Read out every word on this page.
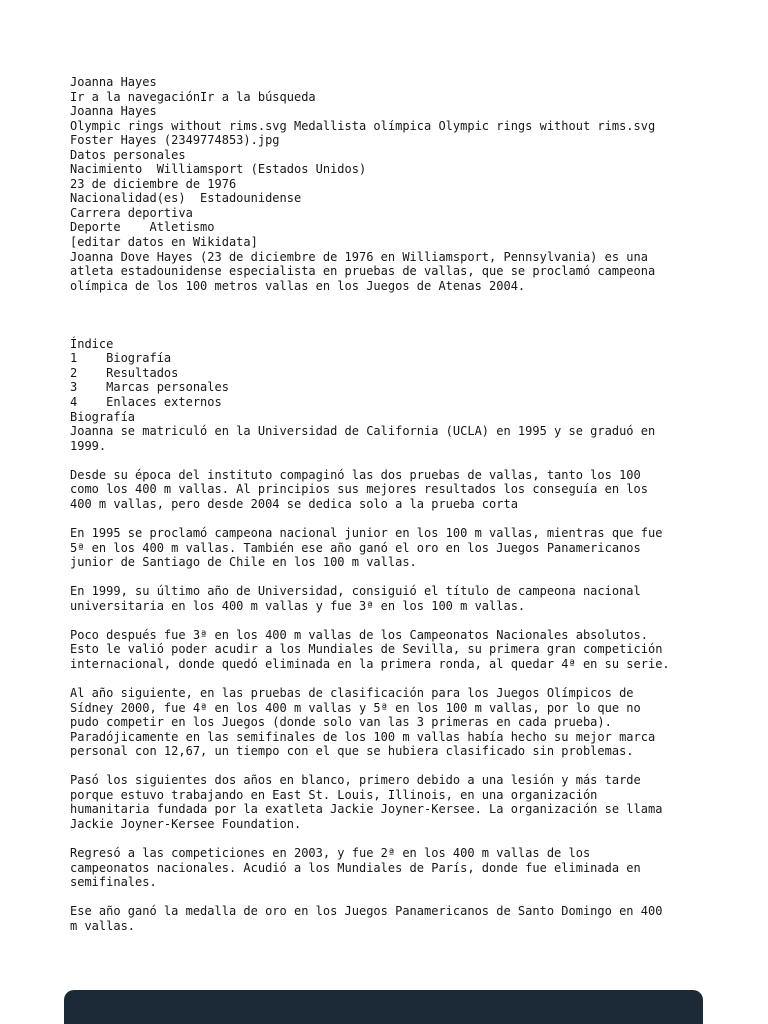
Joanna Hayes
Ir a la navegaciónIr a la búsqueda
Joanna Hayes
Olympic rings without rims.svg Medallista olímpica Olympic rings without rims.svg
Foster Hayes (2349774853).jpg
Datos personales
Nacimiento  Williamsport (Estados Unidos)
23 de diciembre de 1976
Nacionalidad(es)  Estadounidense
Carrera deportiva
Deporte    Atletismo
[editar datos en Wikidata]
Joanna Dove Hayes (23 de diciembre de 1976 en Williamsport, Pennsylvania) es una
atleta estadounidense especialista en pruebas de vallas, que se proclamó campeona
olímpica de los 100 metros vallas en los Juegos de Atenas 2004.
Índice
1    Biografía
2    Resultados
3    Marcas personales
4    Enlaces externos
Biografía
Joanna se matriculó en la Universidad de California (UCLA) en 1995 y se graduó en
1999.
Desde su época del instituto compaginó las dos pruebas de vallas, tanto los 100
como los 400 m vallas. Al principios sus mejores resultados los conseguía en los
400 m vallas, pero desde 2004 se dedica solo a la prueba corta
En 1995 se proclamó campeona nacional junior en los 100 m vallas, mientras que fue
5ª en los 400 m vallas. También ese año ganó el oro en los Juegos Panamericanos
junior de Santiago de Chile en los 100 m vallas.
En 1999, su último año de Universidad, consiguió el título de campeona nacional
universitaria en los 400 m vallas y fue 3ª en los 100 m vallas.
Poco después fue 3ª en los 400 m vallas de los Campeonatos Nacionales absolutos.
Esto le valió poder acudir a los Mundiales de Sevilla, su primera gran competición
internacional, donde quedó eliminada en la primera ronda, al quedar 4ª en su serie.
Al año siguiente, en las pruebas de clasificación para los Juegos Olímpicos de
Sídney 2000, fue 4ª en los 400 m vallas y 5ª en los 100 m vallas, por lo que no
pudo competir en los Juegos (donde solo van las 3 primeras en cada prueba).
Paradójicamente en las semifinales de los 100 m vallas había hecho su mejor marca
personal con 12,67, un tiempo con el que se hubiera clasificado sin problemas.
Pasó los siguientes dos años en blanco, primero debido a una lesión y más tarde
porque estuvo trabajando en East St. Louis, Illinois, en una organización
humanitaria fundada por la exatleta Jackie Joyner-Kersee. La organización se llama
Jackie Joyner-Kersee Foundation.
Regresó a las competiciones en 2003, y fue 2ª en los 400 m vallas de los
campeonatos nacionales. Acudió a los Mundiales de París, donde fue eliminada en
semifinales.
Ese año ganó la medalla de oro en los Juegos Panamericanos de Santo Domingo en 400
m vallas.
